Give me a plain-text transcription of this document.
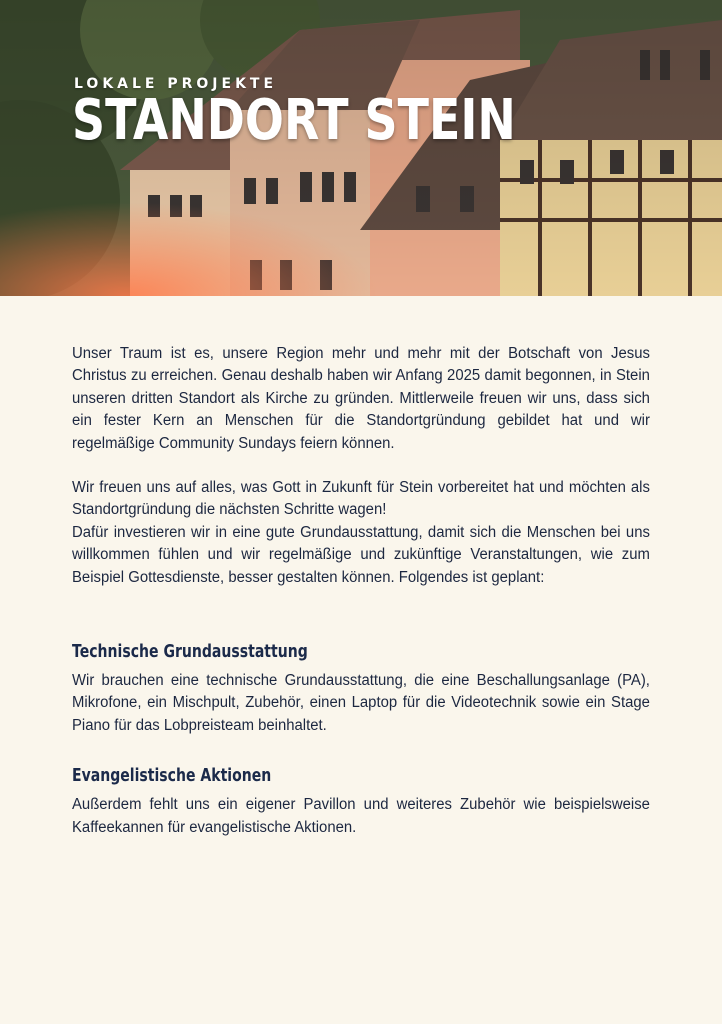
LOKALE PROJEKTE
STANDORT STEIN

Unser Traum ist es, unsere Region mehr und mehr mit der Botschaft von Jesus Christus zu erreichen. Genau deshalb haben wir Anfang 2025 damit begonnen, in Stein unseren dritten Standort als Kirche zu gründen. Mittlerweile freuen wir uns, dass sich ein fester Kern an Menschen für die Standortgründung gebildet hat und wir regelmäßige Community Sundays feiern können.

Wir freuen uns auf alles, was Gott in Zukunft für Stein vorbereitet hat und möchten als Standortgründung die nächsten Schritte wagen!

Dafür investieren wir in eine gute Grundausstattung, damit sich die Menschen bei uns willkommen fühlen und wir regelmäßige und zukünftige Veranstaltungen, wie zum Beispiel Gottesdienste, besser gestalten können. Folgendes ist geplant:

Technische Grundausstattung

Wir brauchen eine technische Grundausstattung, die eine Beschallungsanlage (PA), Mikrofone, ein Mischpult, Zubehör, einen Laptop für die Videotechnik sowie ein Stage Piano für das Lobpreisteam beinhaltet.

Evangelistische Aktionen

Außerdem fehlt uns ein eigener Pavillon und weiteres Zubehör wie beispielsweise Kaffeekannen für evangelistische Aktionen.
